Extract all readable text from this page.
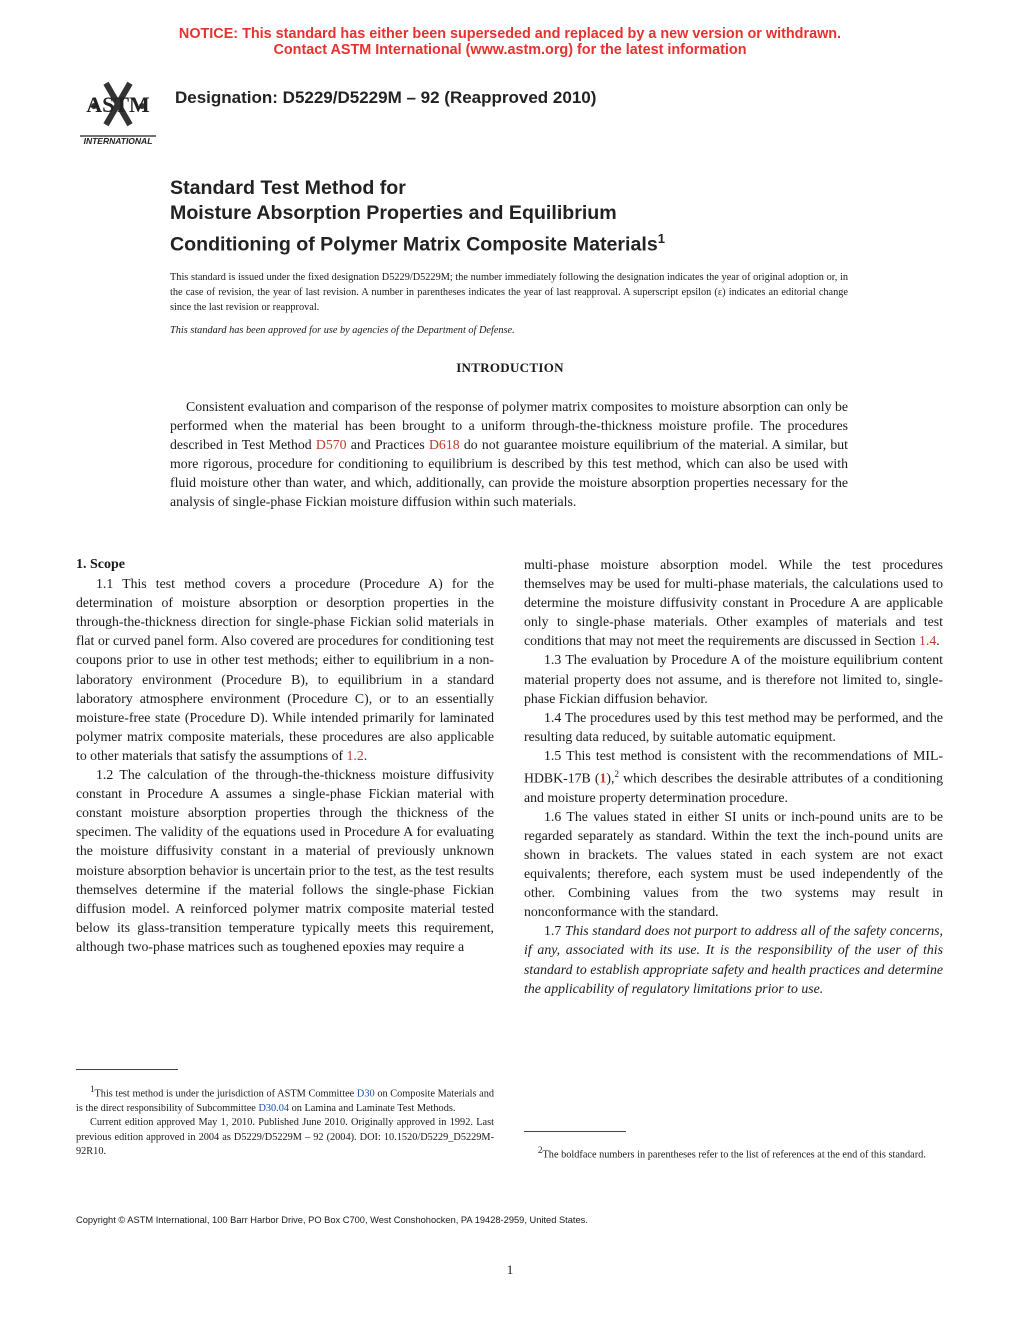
NOTICE: This standard has either been superseded and replaced by a new version or withdrawn.
Contact ASTM International (www.astm.org) for the latest information
ASTM
INTERNATIONAL
Designation: D5229/D5229M – 92 (Reapproved 2010)
Standard Test Method for
Moisture Absorption Properties and Equilibrium
Conditioning of Polymer Matrix Composite Materials$^1$
This standard is issued under the fixed designation D5229/D5229M; the number immediately following the designation indicates the year of original adoption or, in the case of revision, the year of last revision. A number in parentheses indicates the year of last reapproval. A superscript epsilon (ε) indicates an editorial change since the last revision or reapproval.
This standard has been approved for use by agencies of the Department of Defense.
INTRODUCTION
Consistent evaluation and comparison of the response of polymer matrix composites to moisture absorption can only be performed when the material has been brought to a uniform through-the-thickness moisture profile. The procedures described in Test Method D570 and Practices D618 do not guarantee moisture equilibrium of the material. A similar, but more rigorous, procedure for conditioning to equilibrium is described by this test method, which can also be used with fluid moisture other than water, and which, additionally, can provide the moisture absorption properties necessary for the analysis of single-phase Fickian moisture diffusion within such materials.

1. Scope

1.1 This test method covers a procedure (Procedure A) for the determination of moisture absorption or desorption properties in the through-the-thickness direction for single-phase Fickian solid materials in flat or curved panel form. Also covered are procedures for conditioning test coupons prior to use in other test methods; either to equilibrium in a non-laboratory environment (Procedure B), to equilibrium in a standard laboratory atmosphere environment (Procedure C), or to an essentially moisture-free state (Procedure D). While intended primarily for laminated polymer matrix composite materials, these procedures are also applicable to other materials that satisfy the assumptions of 1.2.

1.2 The calculation of the through-the-thickness moisture diffusivity constant in Procedure A assumes a single-phase Fickian material with constant moisture absorption properties through the thickness of the specimen. The validity of the equations used in Procedure A for evaluating the moisture diffusivity constant in a material of previously unknown moisture absorption behavior is uncertain prior to the test, as the test results themselves determine if the material follows the single-phase Fickian diffusion model. A reinforced polymer matrix composite material tested below its glass-transition temperature typically meets this requirement, although two-phase matrices such as toughened epoxies may require a

multi-phase moisture absorption model. While the test procedures themselves may be used for multi-phase materials, the calculations used to determine the moisture diffusivity constant in Procedure A are applicable only to single-phase materials. Other examples of materials and test conditions that may not meet the requirements are discussed in Section 1.4.

1.3 The evaluation by Procedure A of the moisture equilibrium content material property does not assume, and is therefore not limited to, single-phase Fickian diffusion behavior.

1.4 The procedures used by this test method may be performed, and the resulting data reduced, by suitable automatic equipment.

1.5 This test method is consistent with the recommendations of MIL-HDBK-17B (1),$^2$ which describes the desirable attributes of a conditioning and moisture property determination procedure.

1.6 The values stated in either SI units or inch-pound units are to be regarded separately as standard. Within the text the inch-pound units are shown in brackets. The values stated in each system are not exact equivalents; therefore, each system must be used independently of the other. Combining values from the two systems may result in nonconformance with the standard.

1.7 This standard does not purport to address all of the safety concerns, if any, associated with its use. It is the responsibility of the user of this standard to establish appropriate safety and health practices and determine the applicability of regulatory limitations prior to use.

$^1$This test method is under the jurisdiction of ASTM Committee D30 on Composite Materials and is the direct responsibility of Subcommittee D30.04 on Lamina and Laminate Test Methods.

Current edition approved May 1, 2010. Published June 2010. Originally approved in 1992. Last previous edition approved in 2004 as D5229/D5229M – 92 (2004). DOI: 10.1520/D5229_D5229M-92R10.	$^2$The boldface numbers in parentheses refer to the list of references at the end of this standard.

Copyright © ASTM International, 100 Barr Harbor Drive, PO Box C700, West Conshohocken, PA 19428-2959, United States.
1
